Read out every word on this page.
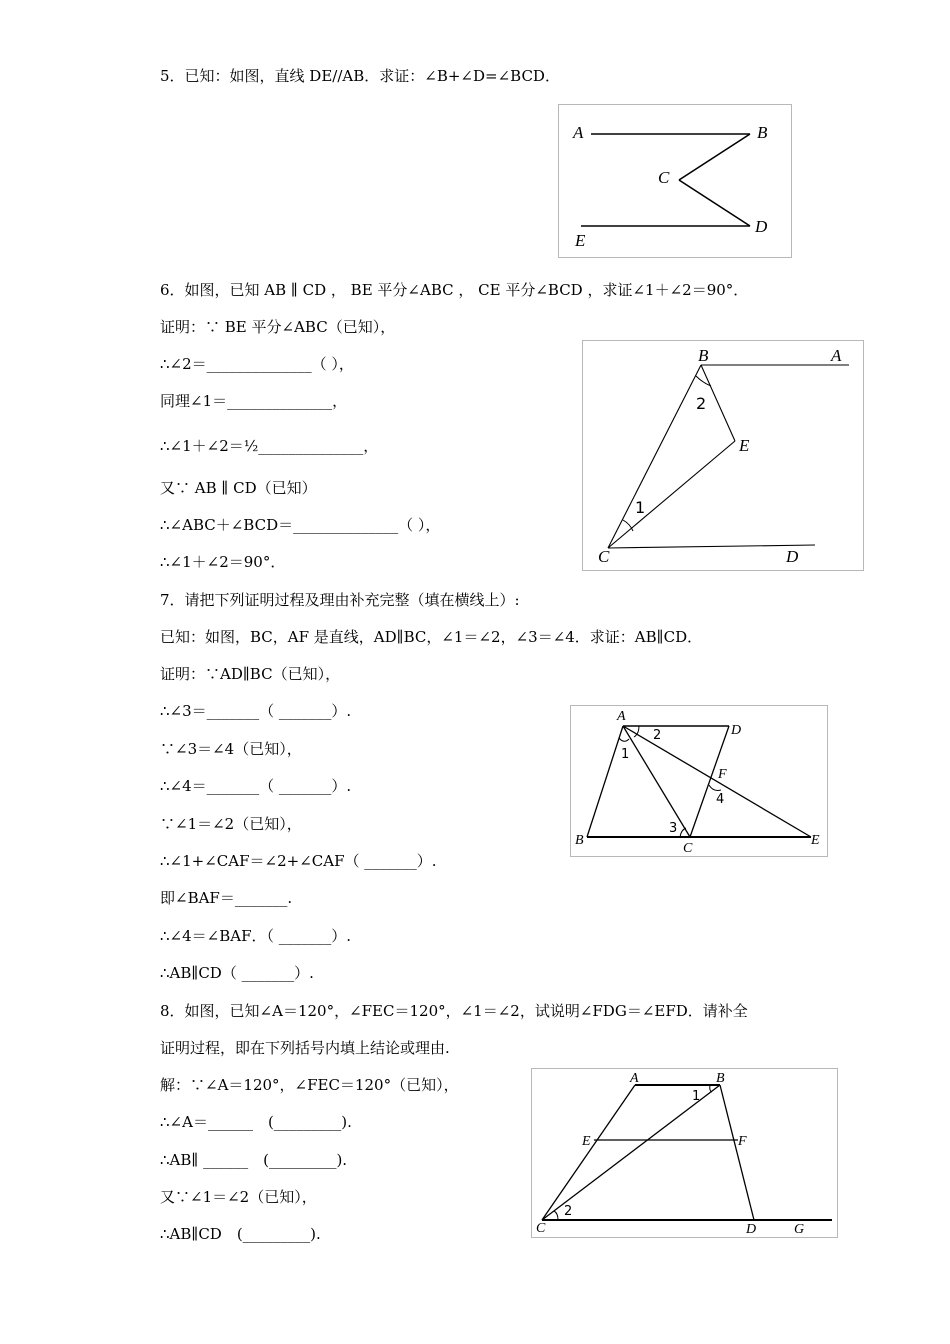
5．已知：如图，直线 DE//AB．求证：∠B+∠D=∠BCD．
A	B
C
D
E
6．如图，已知 AB ∥ CD ， BE 平分∠ABC ， CE 平分∠BCD ，求证∠1＋∠2＝90°．
证明：∵ BE 平分∠ABC（已知），
∴∠2＝______________（ ），
同理∠1＝______________，
∴∠1＋∠2＝½______________，
又∵ AB ∥ CD（已知）
∴∠ABC＋∠BCD＝______________（ ），
∴∠1＋∠2＝90°．
B	A
E
C	D
2
1
7．请把下列证明过程及理由补充完整（填在横线上）:
已知：如图，BC，AF 是直线，AD∥BC，∠1＝∠2，∠3＝∠4．求证：AB∥CD．
证明：∵AD∥BC（已知），
∴∠3＝_______（ _______）.
∵∠3＝∠4（已知），
∴∠4＝_______（ _______）.
∵∠1＝∠2（已知），
∴∠1+∠CAF＝∠2+∠CAF（ _______）.
即∠BAF＝_______.
∴∠4＝∠BAF．（ _______）.
∴AB∥CD（ _______）.
A
D
F
B
C
E
2
1
3
4
8．如图，已知∠A＝120°，∠FEC＝120°，∠1＝∠2，试说明∠FDG＝∠EFD．请补全
证明过程，即在下列括号内填上结论或理由.
解：∵∠A＝120°，∠FEC＝120°（已知），
∴∠A＝______　(_________).
∴AB∥ ______　(_________).
又∵∠1＝∠2（已知），
∴AB∥CD　(_________).
A	B
E	F
C	D	G
1
2
